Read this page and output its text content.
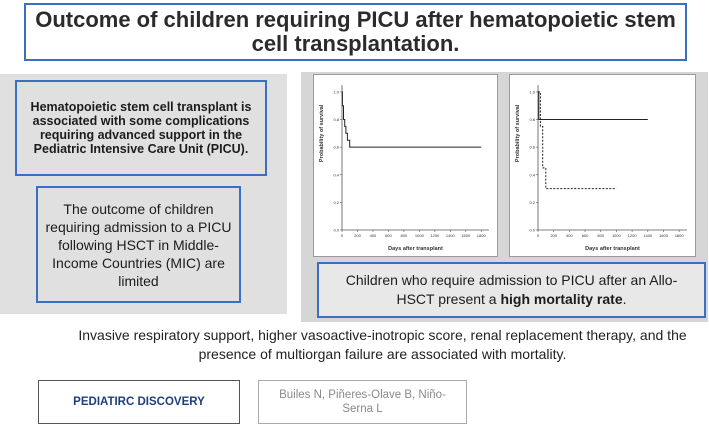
Outcome of children requiring PICU after hematopoietic stem cell transplantation.
Hematopoietic stem cell transplant is associated with some complications requiring advanced support in the Pediatric Intensive Care Unit (PICU).
The outcome of children requiring admission to a PICU following HSCT in Middle-Income Countries (MIC) are limited
0.0
0.2
0.4
0.6
0.8
1.0
0	200 400 600 800 1000 1200 1400 1600 1800
Days after transplant
Probability of survival
0.0
0.2
0.4
0.6
0.8
1.0
0	200 400 600 800 1000 1200 1400 1600 1800
Days after transplant
Probability of survival
Children who require admission to PICU after an Allo-HSCT present a high mortality rate.
Invasive respiratory support, higher vasoactive-inotropic score, renal replacement therapy, and the presence of multiorgan failure are associated with mortality.
PEDIATIRC DISCOVERY
Builes N, Piñeres-Olave B, Niño-Serna L
